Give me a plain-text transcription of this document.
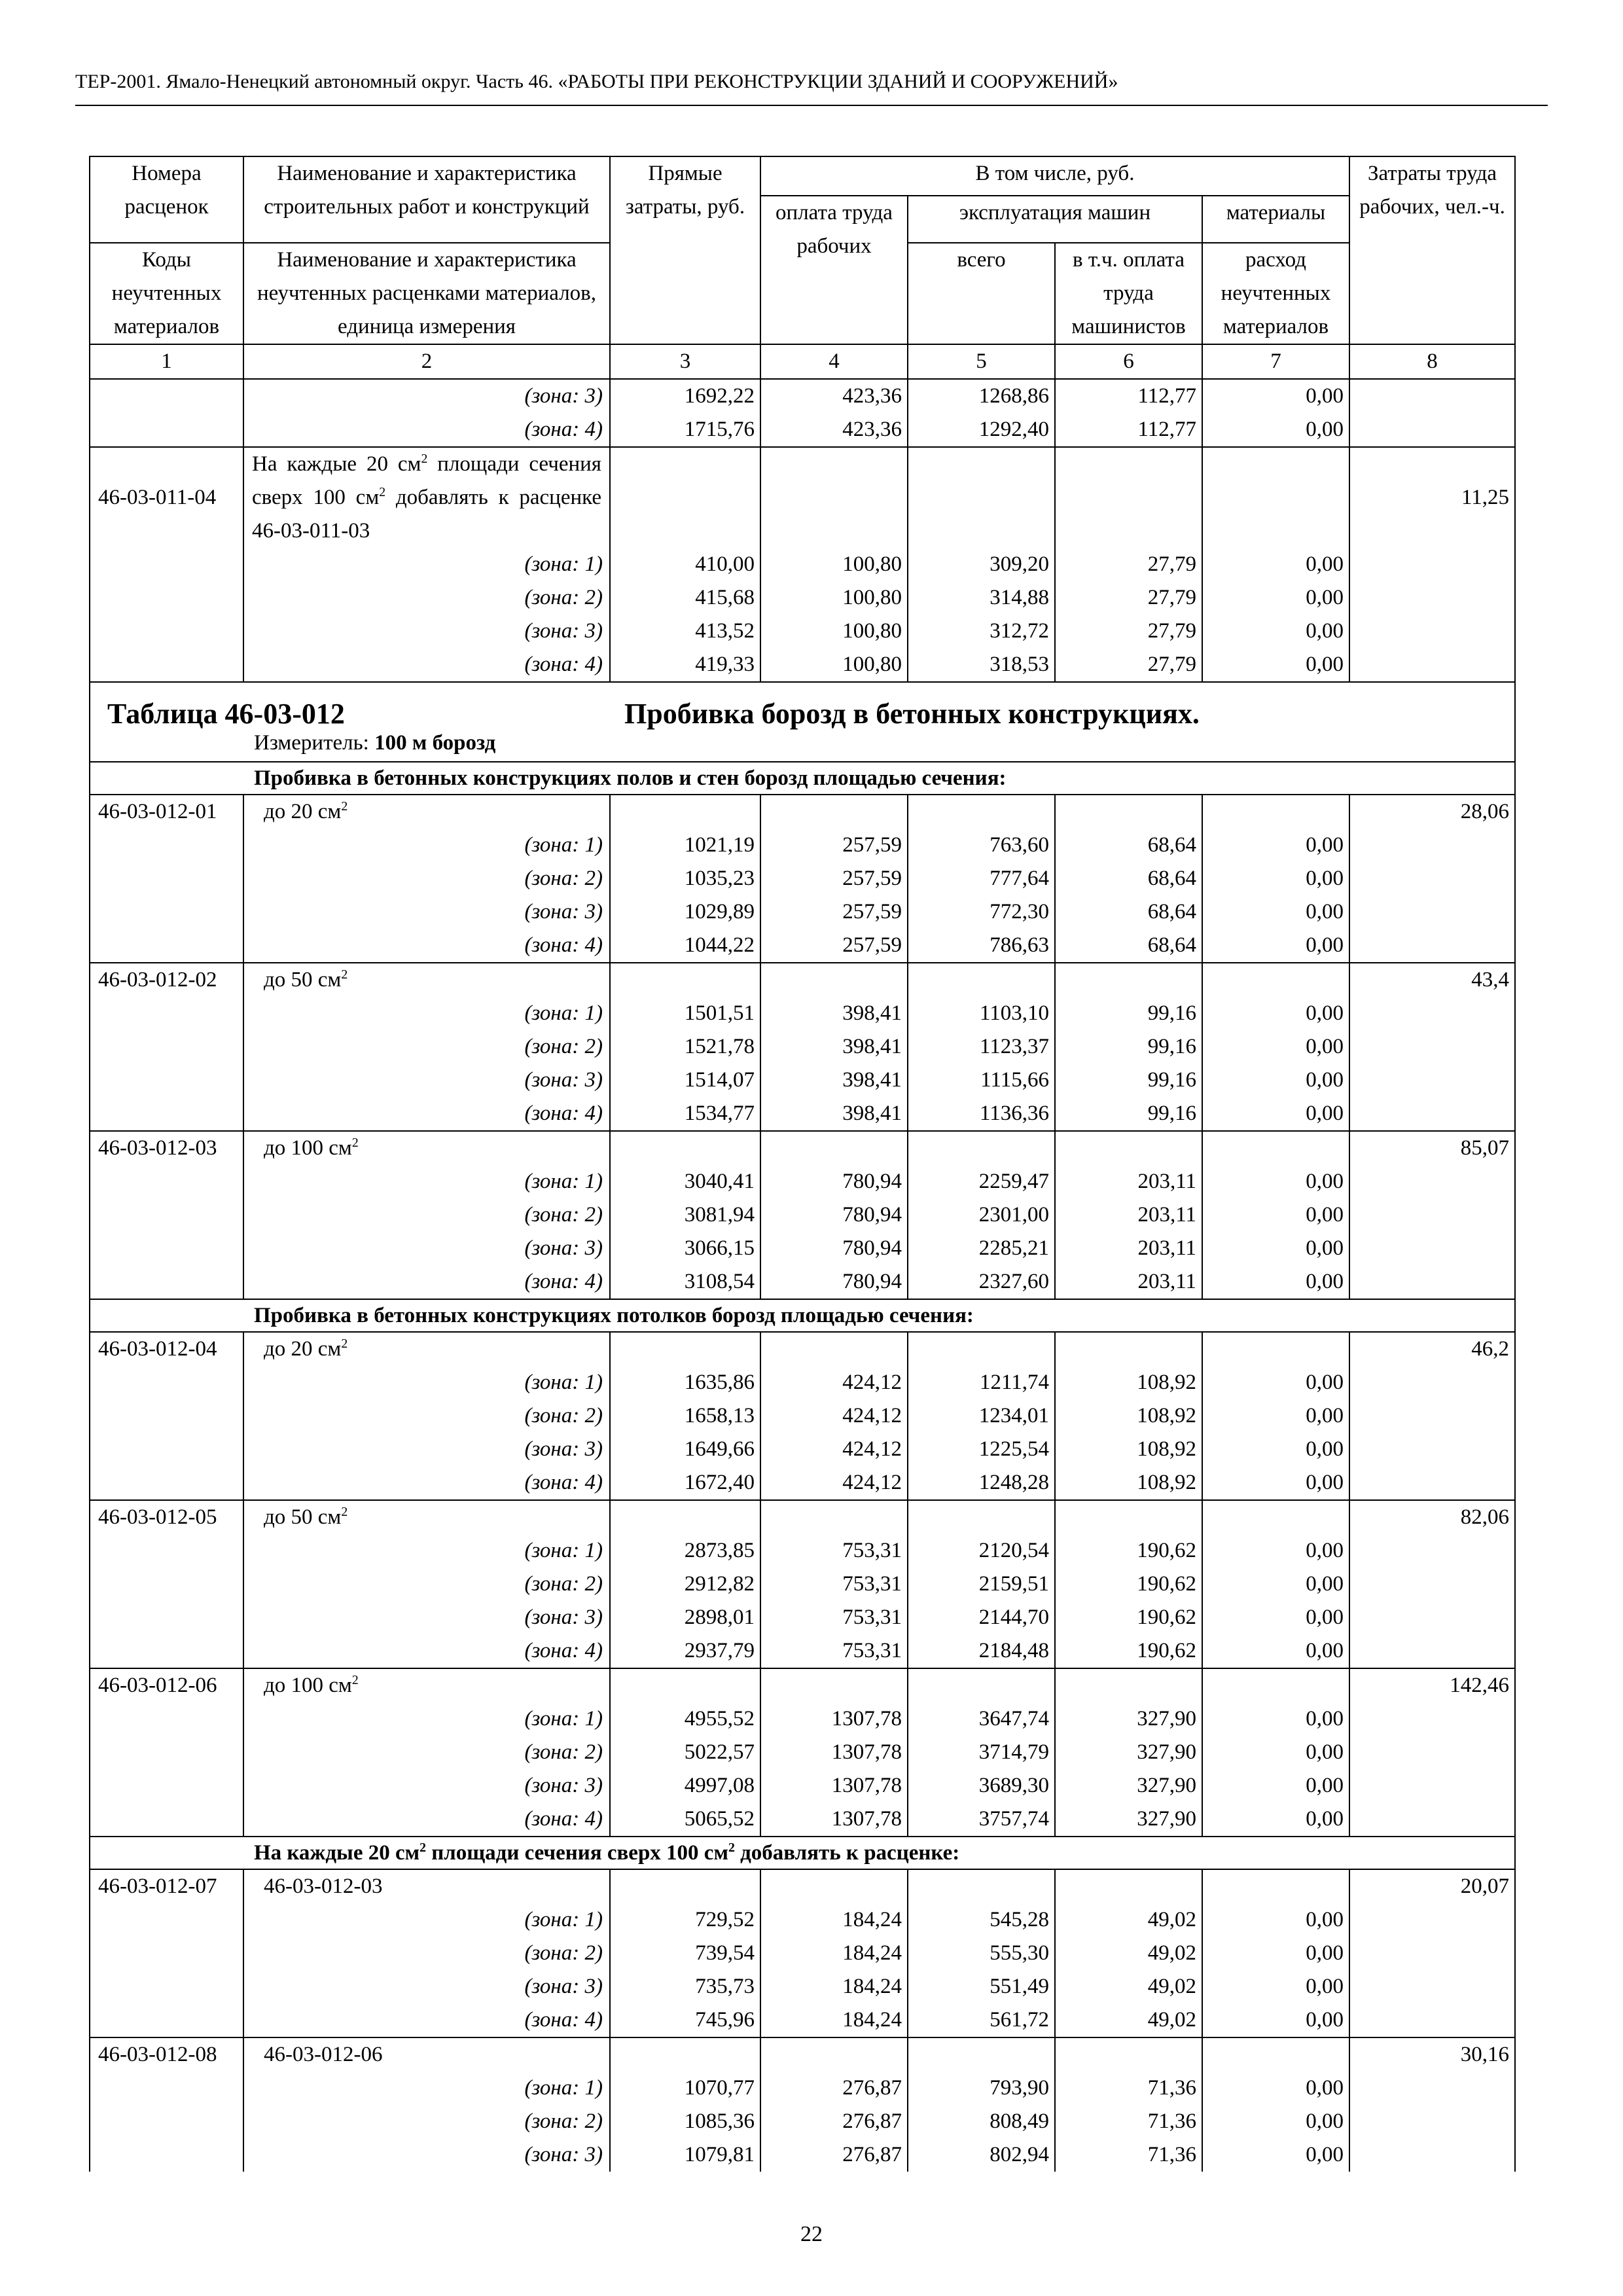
ТЕР-2001. Ямало-Ненецкий автономный округ. Часть 46. «РАБОТЫ ПРИ РЕКОНСТРУКЦИИ ЗДАНИЙ И СООРУЖЕНИЙ»
Номера расценок	Наименование и характеристика строительных работ и конструкций	Прямые затраты, руб.	В том числе, руб.				Затраты труда рабочих, чел.-ч.
			оплата труда рабочих	эксплуатация машин		материалы	
Коды неучтенных материалов	Наименование и характеристика неучтенных расценками материалов, единица измерения			всего	в т.ч. оплата труда машинистов	расход неучтенных материалов	
1	2	3	4	5	6	7	8
	(зона: 3)	1692,22	423,36	1268,86	112,77	0,00	
	(зона: 4)	1715,76	423,36	1292,40	112,77	0,00	
46-03-011-04	На каждые 20 $см^2$ площади сечения сверх 100 $см^2$ добавлять к расценке 46-03-011-03						11,25
	(зона: 1)	410,00	100,80	309,20	27,79	0,00	
	(зона: 2)	415,68	100,80	314,88	27,79	0,00	
	(зона: 3)	413,52	100,80	312,72	27,79	0,00	
	(зона: 4)	419,33	100,80	318,53	27,79	0,00	

Таблица 46-03-012 Пробивка борозд в бетонных конструкциях.
Измеритель: 100 м борозд							

Пробивка в бетонных конструкциях полов и стен борозд площадью сечения:							
46-03-012-01	до 20 $см^2$						28,06
	(зона: 1)	1021,19	257,59	763,60	68,64	0,00	
	(зона: 2)	1035,23	257,59	777,64	68,64	0,00	
	(зона: 3)	1029,89	257,59	772,30	68,64	0,00	
	(зона: 4)	1044,22	257,59	786,63	68,64	0,00	
46-03-012-02	до 50 $см^2$						43,4
	(зона: 1)	1501,51	398,41	1103,10	99,16	0,00	
	(зона: 2)	1521,78	398,41	1123,37	99,16	0,00	
	(зона: 3)	1514,07	398,41	1115,66	99,16	0,00	
	(зона: 4)	1534,77	398,41	1136,36	99,16	0,00	
46-03-012-03	до 100 $см^2$						85,07
	(зона: 1)	3040,41	780,94	2259,47	203,11	0,00	
	(зона: 2)	3081,94	780,94	2301,00	203,11	0,00	
	(зона: 3)	3066,15	780,94	2285,21	203,11	0,00	
	(зона: 4)	3108,54	780,94	2327,60	203,11	0,00	
Пробивка в бетонных конструкциях потолков борозд площадью сечения:							
46-03-012-04	до 20 $см^2$						46,2
	(зона: 1)	1635,86	424,12	1211,74	108,92	0,00	
	(зона: 2)	1658,13	424,12	1234,01	108,92	0,00	
	(зона: 3)	1649,66	424,12	1225,54	108,92	0,00	
	(зона: 4)	1672,40	424,12	1248,28	108,92	0,00	
46-03-012-05	до 50 $см^2$						82,06
	(зона: 1)	2873,85	753,31	2120,54	190,62	0,00	
	(зона: 2)	2912,82	753,31	2159,51	190,62	0,00	
	(зона: 3)	2898,01	753,31	2144,70	190,62	0,00	
	(зона: 4)	2937,79	753,31	2184,48	190,62	0,00	
46-03-012-06	до 100 $см^2$						142,46
	(зона: 1)	4955,52	1307,78	3647,74	327,90	0,00	
	(зона: 2)	5022,57	1307,78	3714,79	327,90	0,00	
	(зона: 3)	4997,08	1307,78	3689,30	327,90	0,00	
	(зона: 4)	5065,52	1307,78	3757,74	327,90	0,00	
На каждые 20 $см^2$ площади сечения сверх 100 $см^2$ добавлять к расценке:							
46-03-012-07	46-03-012-03						20,07
	(зона: 1)	729,52	184,24	545,28	49,02	0,00	
	(зона: 2)	739,54	184,24	555,30	49,02	0,00	
	(зона: 3)	735,73	184,24	551,49	49,02	0,00	
	(зона: 4)	745,96	184,24	561,72	49,02	0,00	
46-03-012-08	46-03-012-06						30,16
	(зона: 1)	1070,77	276,87	793,90	71,36	0,00	
	(зона: 2)	1085,36	276,87	808,49	71,36	0,00	
	(зона: 3)	1079,81	276,87	802,94	71,36	0,00	
22
